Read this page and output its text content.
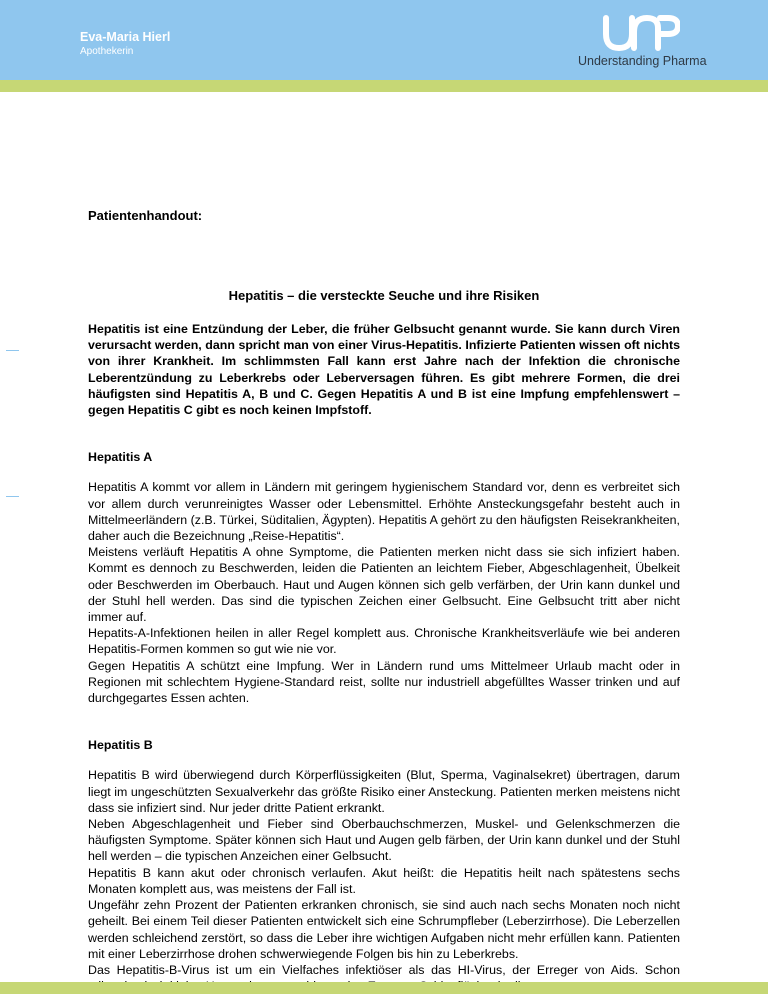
Eva-Maria Hierl
Apothekerin
Understanding Pharma
Patientenhandout:
Hepatitis – die versteckte Seuche und ihre Risiken

Hepatitis ist eine Entzündung der Leber, die früher Gelbsucht genannt wurde. Sie kann durch Viren verursacht werden, dann spricht man von einer Virus-Hepatitis. Infizierte Patienten wissen oft nichts von ihrer Krankheit. Im schlimmsten Fall kann erst Jahre nach der Infektion die chronische Leberentzündung zu Leberkrebs oder Leberversagen führen. Es gibt mehrere Formen, die drei häufigsten sind Hepatitis A, B und C. Gegen Hepatitis A und B ist eine Impfung empfehlenswert – gegen Hepatitis C gibt es noch keinen Impfstoff.

Hepatitis A

Hepatitis A kommt vor allem in Ländern mit geringem hygienischem Standard vor, denn es verbreitet sich vor allem durch verunreinigtes Wasser oder Lebensmittel. Erhöhte Ansteckungsgefahr besteht auch in Mittelmeerländern (z.B. Türkei, Süditalien, Ägypten). Hepatitis A gehört zu den häufigsten Reisekrankheiten, daher auch die Bezeichnung „Reise-Hepatitis“.

Meistens verläuft Hepatitis A ohne Symptome, die Patienten merken nicht dass sie sich infiziert haben. Kommt es dennoch zu Beschwerden, leiden die Patienten an leichtem Fieber, Abgeschlagenheit, Übelkeit oder Beschwerden im Oberbauch. Haut und Augen können sich gelb verfärben, der Urin kann dunkel und der Stuhl hell werden. Das sind die typischen Zeichen einer Gelbsucht. Eine Gelbsucht tritt aber nicht immer auf.

Hepatits-A-Infektionen heilen in aller Regel komplett aus. Chronische Krankheitsverläufe wie bei anderen Hepatitis-Formen kommen so gut wie nie vor.

Gegen Hepatitis A schützt eine Impfung. Wer in Ländern rund ums Mittelmeer Urlaub macht oder in Regionen mit schlechtem Hygiene-Standard reist, sollte nur industriell abgefülltes Wasser trinken und auf durchgegartes Essen achten.

Hepatitis B

Hepatitis B wird überwiegend durch Körperflüssigkeiten (Blut, Sperma, Vaginalsekret) übertragen, darum liegt im ungeschützten Sexualverkehr das größte Risiko einer Ansteckung. Patienten merken meistens nicht dass sie infiziert sind. Nur jeder dritte Patient erkrankt.

Neben Abgeschlagenheit und Fieber sind Oberbauchschmerzen, Muskel- und Gelenkschmerzen die häufigsten Symptome. Später können sich Haut und Augen gelb färben, der Urin kann dunkel und der Stuhl hell werden – die typischen Anzeichen einer Gelbsucht.

Hepatitis B kann akut oder chronisch verlaufen. Akut heißt: die Hepatitis heilt nach spätestens sechs Monaten komplett aus, was meistens der Fall ist.

Ungefähr zehn Prozent der Patienten erkranken chronisch, sie sind auch nach sechs Monaten noch nicht geheilt. Bei einem Teil dieser Patienten entwickelt sich eine Schrumpfleber (Leberzirrhose). Die Leberzellen werden schleichend zerstört, so dass die Leber ihre wichtigen Aufgaben nicht mehr erfüllen kann. Patienten mit einer Leberzirrhose drohen schwerwiegende Folgen bis hin zu Leberkrebs.

Das Hepatitis-B-Virus ist um ein Vielfaches infektiöser als das HI-Virus, der Erreger von Aids. Schon
